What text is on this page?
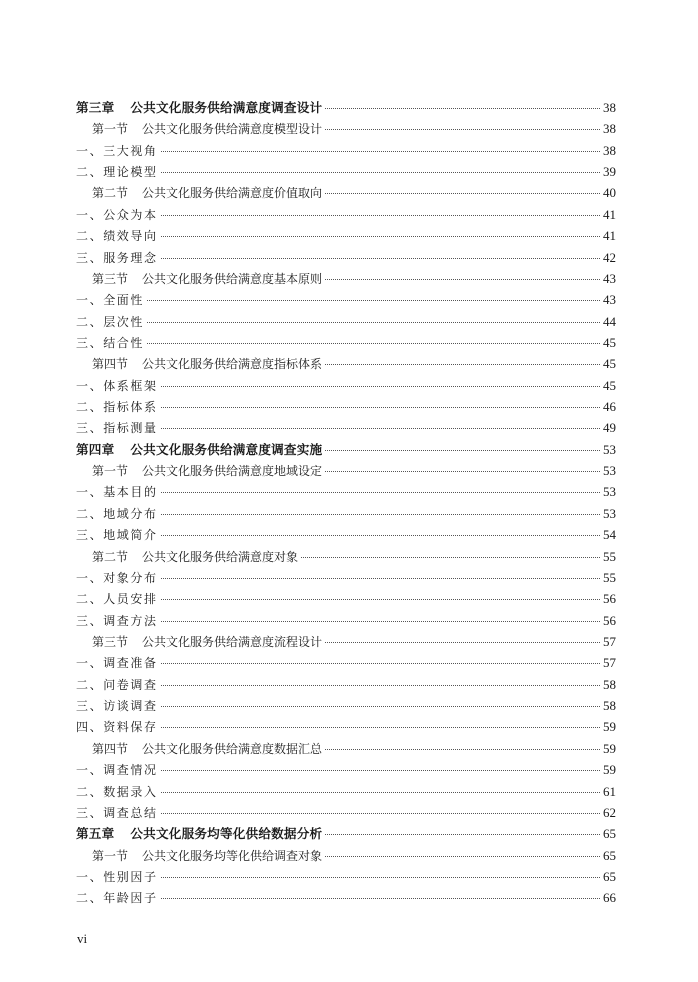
第三章 公共文化服务供给满意度调查设计	38
第一节 公共文化服务供给满意度模型设计	38
一、三大视角	38
二、理论模型	39
第二节 公共文化服务供给满意度价值取向	40
一、公众为本	41
二、绩效导向	41
三、服务理念	42
第三节 公共文化服务供给满意度基本原则	43
一、全面性	43
二、层次性	44
三、结合性	45
第四节 公共文化服务供给满意度指标体系	45
一、体系框架	45
二、指标体系	46
三、指标测量	49
第四章 公共文化服务供给满意度调查实施	53
第一节 公共文化服务供给满意度地域设定	53
一、基本目的	53
二、地域分布	53
三、地域简介	54
第二节 公共文化服务供给满意度对象	55
一、对象分布	55
二、人员安排	56
三、调查方法	56
第三节 公共文化服务供给满意度流程设计	57
一、调查准备	57
二、问卷调查	58
三、访谈调查	58
四、资料保存	59
第四节 公共文化服务供给满意度数据汇总	59
一、调查情况	59
二、数据录入	61
三、调查总结	62
第五章 公共文化服务均等化供给数据分析	65
第一节 公共文化服务均等化供给调查对象	65
一、性别因子	65
二、年龄因子	66
vi
